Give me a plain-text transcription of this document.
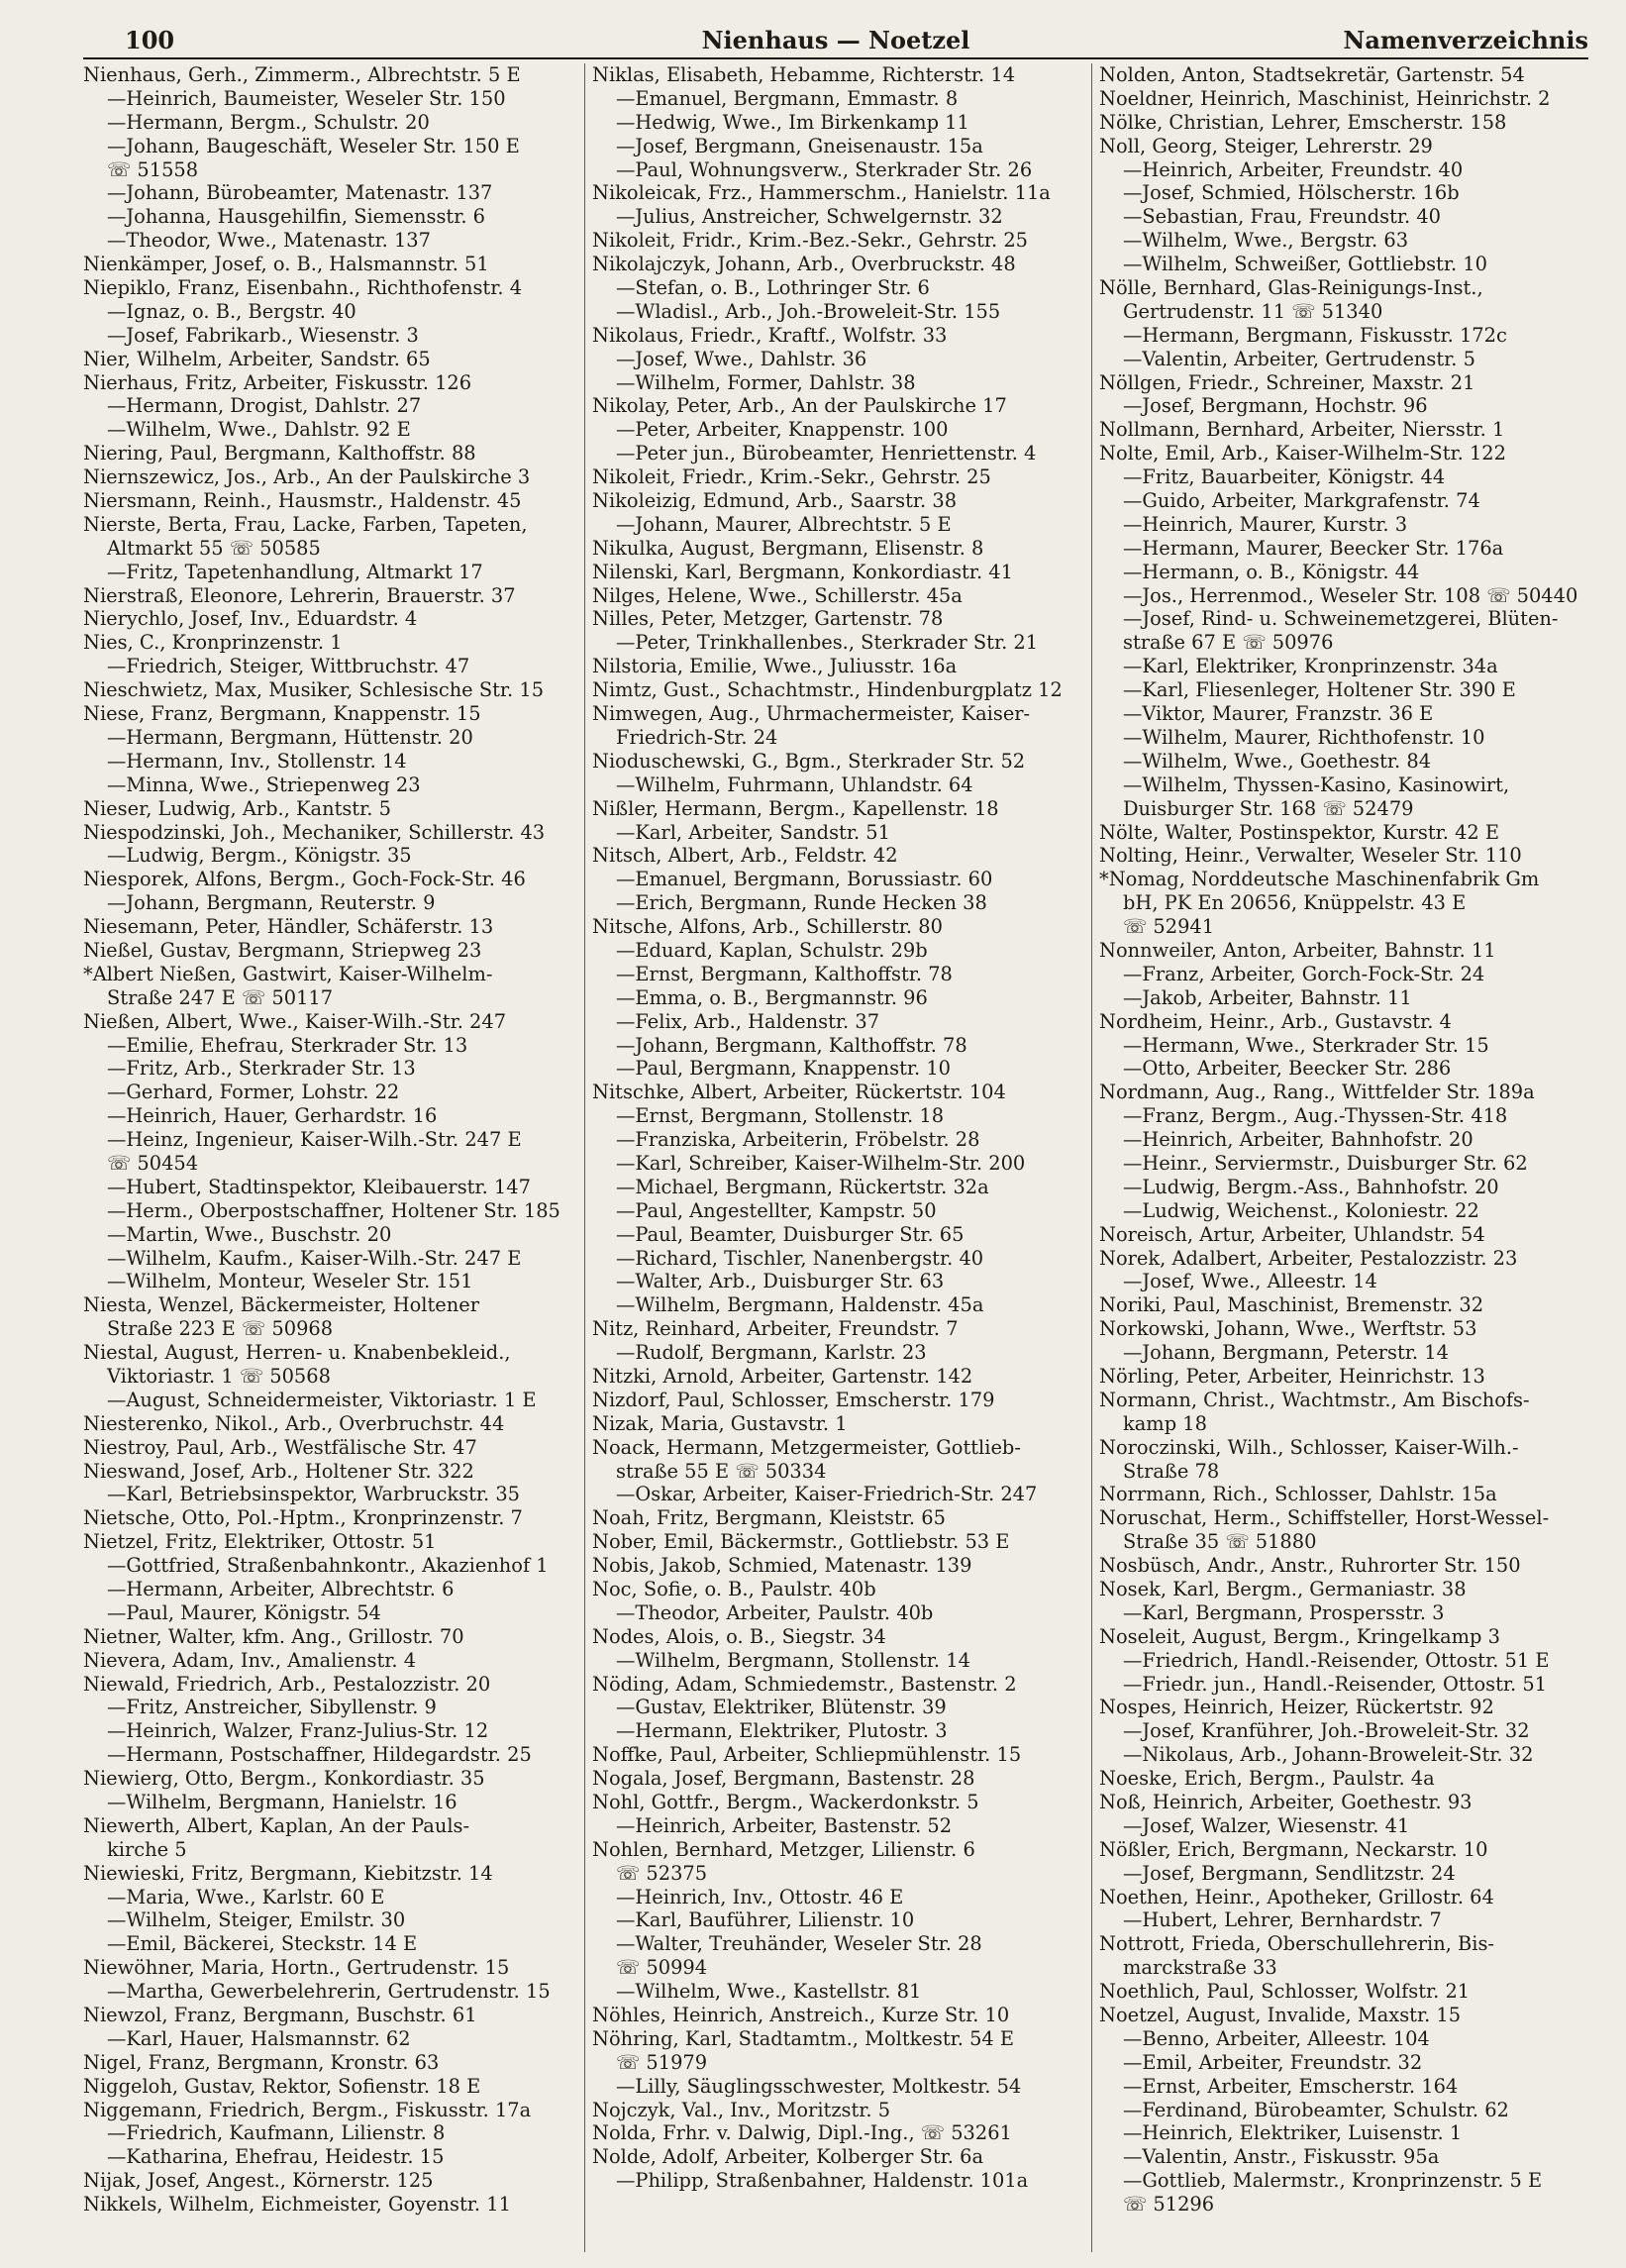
100	Nienhaus — Noetzel	Namenverzeichnis
Nienhaus, Gerh., Zimmerm., Albrechtstr. 5 E
—Heinrich, Baumeister, Weseler Str. 150
—Hermann, Bergm., Schulstr. 20
—Johann, Baugeschäft, Weseler Str. 150 E
☏ 51558
—Johann, Bürobeamter, Matenastr. 137
—Johanna, Hausgehilfin, Siemensstr. 6
—Theodor, Wwe., Matenastr. 137
Nienkämper, Josef, o. B., Halsmannstr. 51
Niepiklo, Franz, Eisenbahn., Richthofenstr. 4
—Ignaz, o. B., Bergstr. 40
—Josef, Fabrikarb., Wiesenstr. 3
Nier, Wilhelm, Arbeiter, Sandstr. 65
Nierhaus, Fritz, Arbeiter, Fiskusstr. 126
—Hermann, Drogist, Dahlstr. 27
—Wilhelm, Wwe., Dahlstr. 92 E
Niering, Paul, Bergmann, Kalthoffstr. 88
Niernszewicz, Jos., Arb., An der Paulskirche 3
Niersmann, Reinh., Hausmstr., Haldenstr. 45
Nierste, Berta, Frau, Lacke, Farben, Tapeten,
Altmarkt 55 ☏ 50585
—Fritz, Tapetenhandlung, Altmarkt 17
Nierstraß, Eleonore, Lehrerin, Brauerstr. 37
Nierychlo, Josef, Inv., Eduardstr. 4
Nies, C., Kronprinzenstr. 1
—Friedrich, Steiger, Wittbruchstr. 47
Nieschwietz, Max, Musiker, Schlesische Str. 15
Niese, Franz, Bergmann, Knappenstr. 15
—Hermann, Bergmann, Hüttenstr. 20
—Hermann, Inv., Stollenstr. 14
—Minna, Wwe., Striepenweg 23
Nieser, Ludwig, Arb., Kantstr. 5
Niespodzinski, Joh., Mechaniker, Schillerstr. 43
—Ludwig, Bergm., Königstr. 35
Niesporek, Alfons, Bergm., Goch-Fock-Str. 46
—Johann, Bergmann, Reuterstr. 9
Niesemann, Peter, Händler, Schäferstr. 13
Nießel, Gustav, Bergmann, Striepweg 23
*Albert Nießen, Gastwirt, Kaiser-Wilhelm-
Straße 247 E ☏ 50117
Nießen, Albert, Wwe., Kaiser-Wilh.-Str. 247
—Emilie, Ehefrau, Sterkrader Str. 13
—Fritz, Arb., Sterkrader Str. 13
—Gerhard, Former, Lohstr. 22
—Heinrich, Hauer, Gerhardstr. 16
—Heinz, Ingenieur, Kaiser-Wilh.-Str. 247 E
☏ 50454
—Hubert, Stadtinspektor, Kleibauerstr. 147
—Herm., Oberpostschaffner, Holtener Str. 185
—Martin, Wwe., Buschstr. 20
—Wilhelm, Kaufm., Kaiser-Wilh.-Str. 247 E
—Wilhelm, Monteur, Weseler Str. 151
Niesta, Wenzel, Bäckermeister, Holtener
Straße 223 E ☏ 50968
Niestal, August, Herren- u. Knabenbekleid.,
Viktoriastr. 1 ☏ 50568
—August, Schneidermeister, Viktoriastr. 1 E
Niesterenko, Nikol., Arb., Overbruchstr. 44
Niestroy, Paul, Arb., Westfälische Str. 47
Nieswand, Josef, Arb., Holtener Str. 322
—Karl, Betriebsinspektor, Warbruckstr. 35
Nietsche, Otto, Pol.-Hptm., Kronprinzenstr. 7
Nietzel, Fritz, Elektriker, Ottostr. 51
—Gottfried, Straßenbahnkontr., Akazienhof 1
—Hermann, Arbeiter, Albrechtstr. 6
—Paul, Maurer, Königstr. 54
Nietner, Walter, kfm. Ang., Grillostr. 70
Nievera, Adam, Inv., Amalienstr. 4
Niewald, Friedrich, Arb., Pestalozzistr. 20
—Fritz, Anstreicher, Sibyllenstr. 9
—Heinrich, Walzer, Franz-Julius-Str. 12
—Hermann, Postschaffner, Hildegardstr. 25
Niewierg, Otto, Bergm., Konkordiastr. 35
—Wilhelm, Bergmann, Hanielstr. 16
Niewerth, Albert, Kaplan, An der Pauls-
kirche 5
Niewieski, Fritz, Bergmann, Kiebitzstr. 14
—Maria, Wwe., Karlstr. 60 E
—Wilhelm, Steiger, Emilstr. 30
—Emil, Bäckerei, Steckstr. 14 E
Niewöhner, Maria, Hortn., Gertrudenstr. 15
—Martha, Gewerbelehrerin, Gertrudenstr. 15
Niewzol, Franz, Bergmann, Buschstr. 61
—Karl, Hauer, Halsmannstr. 62
Nigel, Franz, Bergmann, Kronstr. 63
Niggeloh, Gustav, Rektor, Sofienstr. 18 E
Niggemann, Friedrich, Bergm., Fiskusstr. 17a
—Friedrich, Kaufmann, Lilienstr. 8
—Katharina, Ehefrau, Heidestr. 15
Nijak, Josef, Angest., Körnerstr. 125
Nikkels, Wilhelm, Eichmeister, Goyenstr. 11
Niklas, Elisabeth, Hebamme, Richterstr. 14
—Emanuel, Bergmann, Emmastr. 8
—Hedwig, Wwe., Im Birkenkamp 11
—Josef, Bergmann, Gneisenaustr. 15a
—Paul, Wohnungsverw., Sterkrader Str. 26
Nikoleicak, Frz., Hammerschm., Hanielstr. 11a
—Julius, Anstreicher, Schwelgernstr. 32
Nikoleit, Fridr., Krim.-Bez.-Sekr., Gehrstr. 25
Nikolajczyk, Johann, Arb., Overbruckstr. 48
—Stefan, o. B., Lothringer Str. 6
—Wladisl., Arb., Joh.-Broweleit-Str. 155
Nikolaus, Friedr., Kraftf., Wolfstr. 33
—Josef, Wwe., Dahlstr. 36
—Wilhelm, Former, Dahlstr. 38
Nikolay, Peter, Arb., An der Paulskirche 17
—Peter, Arbeiter, Knappenstr. 100
—Peter jun., Bürobeamter, Henriettenstr. 4
Nikoleit, Friedr., Krim.-Sekr., Gehrstr. 25
Nikoleizig, Edmund, Arb., Saarstr. 38
—Johann, Maurer, Albrechtstr. 5 E
Nikulka, August, Bergmann, Elisenstr. 8
Nilenski, Karl, Bergmann, Konkordiastr. 41
Nilges, Helene, Wwe., Schillerstr. 45a
Nilles, Peter, Metzger, Gartenstr. 78
—Peter, Trinkhallenbes., Sterkrader Str. 21
Nilstoria, Emilie, Wwe., Juliusstr. 16a
Nimtz, Gust., Schachtmstr., Hindenburgplatz 12
Nimwegen, Aug., Uhrmachermeister, Kaiser-
Friedrich-Str. 24
Nioduschewski, G., Bgm., Sterkrader Str. 52
—Wilhelm, Fuhrmann, Uhlandstr. 64
Nißler, Hermann, Bergm., Kapellenstr. 18
—Karl, Arbeiter, Sandstr. 51
Nitsch, Albert, Arb., Feldstr. 42
—Emanuel, Bergmann, Borussiastr. 60
—Erich, Bergmann, Runde Hecken 38
Nitsche, Alfons, Arb., Schillerstr. 80
—Eduard, Kaplan, Schulstr. 29b
—Ernst, Bergmann, Kalthoffstr. 78
—Emma, o. B., Bergmannstr. 96
—Felix, Arb., Haldenstr. 37
—Johann, Bergmann, Kalthoffstr. 78
—Paul, Bergmann, Knappenstr. 10
Nitschke, Albert, Arbeiter, Rückertstr. 104
—Ernst, Bergmann, Stollenstr. 18
—Franziska, Arbeiterin, Fröbelstr. 28
—Karl, Schreiber, Kaiser-Wilhelm-Str. 200
—Michael, Bergmann, Rückertstr. 32a
—Paul, Angestellter, Kampstr. 50
—Paul, Beamter, Duisburger Str. 65
—Richard, Tischler, Nanenbergstr. 40
—Walter, Arb., Duisburger Str. 63
—Wilhelm, Bergmann, Haldenstr. 45a
Nitz, Reinhard, Arbeiter, Freundstr. 7
—Rudolf, Bergmann, Karlstr. 23
Nitzki, Arnold, Arbeiter, Gartenstr. 142
Nizdorf, Paul, Schlosser, Emscherstr. 179
Nizak, Maria, Gustavstr. 1
Noack, Hermann, Metzgermeister, Gottlieb-
straße 55 E ☏ 50334
—Oskar, Arbeiter, Kaiser-Friedrich-Str. 247
Noah, Fritz, Bergmann, Kleiststr. 65
Nober, Emil, Bäckermstr., Gottliebstr. 53 E
Nobis, Jakob, Schmied, Matenastr. 139
Noc, Sofie, o. B., Paulstr. 40b
—Theodor, Arbeiter, Paulstr. 40b
Nodes, Alois, o. B., Siegstr. 34
—Wilhelm, Bergmann, Stollenstr. 14
Nöding, Adam, Schmiedemstr., Bastenstr. 2
—Gustav, Elektriker, Blütenstr. 39
—Hermann, Elektriker, Plutostr. 3
Noffke, Paul, Arbeiter, Schliepmühlenstr. 15
Nogala, Josef, Bergmann, Bastenstr. 28
Nohl, Gottfr., Bergm., Wackerdonkstr. 5
—Heinrich, Arbeiter, Bastenstr. 52
Nohlen, Bernhard, Metzger, Lilienstr. 6
☏ 52375
—Heinrich, Inv., Ottostr. 46 E
—Karl, Bauführer, Lilienstr. 10
—Walter, Treuhänder, Weseler Str. 28
☏ 50994
—Wilhelm, Wwe., Kastellstr. 81
Nöhles, Heinrich, Anstreich., Kurze Str. 10
Nöhring, Karl, Stadtamtm., Moltkestr. 54 E
☏ 51979
—Lilly, Säuglingsschwester, Moltkestr. 54
Nojczyk, Val., Inv., Moritzstr. 5
Nolda, Frhr. v. Dalwig, Dipl.-Ing., ☏ 53261
Nolde, Adolf, Arbeiter, Kolberger Str. 6a
—Philipp, Straßenbahner, Haldenstr. 101a
Nolden, Anton, Stadtsekretär, Gartenstr. 54
Noeldner, Heinrich, Maschinist, Heinrichstr. 2
Nölke, Christian, Lehrer, Emscherstr. 158
Noll, Georg, Steiger, Lehrerstr. 29
—Heinrich, Arbeiter, Freundstr. 40
—Josef, Schmied, Hölscherstr. 16b
—Sebastian, Frau, Freundstr. 40
—Wilhelm, Wwe., Bergstr. 63
—Wilhelm, Schweißer, Gottliebstr. 10
Nölle, Bernhard, Glas-Reinigungs-Inst.,
Gertrudenstr. 11 ☏ 51340
—Hermann, Bergmann, Fiskusstr. 172c
—Valentin, Arbeiter, Gertrudenstr. 5
Nöllgen, Friedr., Schreiner, Maxstr. 21
—Josef, Bergmann, Hochstr. 96
Nollmann, Bernhard, Arbeiter, Niersstr. 1
Nolte, Emil, Arb., Kaiser-Wilhelm-Str. 122
—Fritz, Bauarbeiter, Königstr. 44
—Guido, Arbeiter, Markgrafenstr. 74
—Heinrich, Maurer, Kurstr. 3
—Hermann, Maurer, Beecker Str. 176a
—Hermann, o. B., Königstr. 44
—Jos., Herrenmod., Weseler Str. 108 ☏ 50440
—Josef, Rind- u. Schweinemetzgerei, Blüten-
straße 67 E ☏ 50976
—Karl, Elektriker, Kronprinzenstr. 34a
—Karl, Fliesenleger, Holtener Str. 390 E
—Viktor, Maurer, Franzstr. 36 E
—Wilhelm, Maurer, Richthofenstr. 10
—Wilhelm, Wwe., Goethestr. 84
—Wilhelm, Thyssen-Kasino, Kasinowirt,
Duisburger Str. 168 ☏ 52479
Nölte, Walter, Postinspektor, Kurstr. 42 E
Nolting, Heinr., Verwalter, Weseler Str. 110
*Nomag, Norddeutsche Maschinenfabrik Gm
bH, PK En 20656, Knüppelstr. 43 E
☏ 52941
Nonnweiler, Anton, Arbeiter, Bahnstr. 11
—Franz, Arbeiter, Gorch-Fock-Str. 24
—Jakob, Arbeiter, Bahnstr. 11
Nordheim, Heinr., Arb., Gustavstr. 4
—Hermann, Wwe., Sterkrader Str. 15
—Otto, Arbeiter, Beecker Str. 286
Nordmann, Aug., Rang., Wittfelder Str. 189a
—Franz, Bergm., Aug.-Thyssen-Str. 418
—Heinrich, Arbeiter, Bahnhofstr. 20
—Heinr., Serviermstr., Duisburger Str. 62
—Ludwig, Bergm.-Ass., Bahnhofstr. 20
—Ludwig, Weichenst., Koloniestr. 22
Noreisch, Artur, Arbeiter, Uhlandstr. 54
Norek, Adalbert, Arbeiter, Pestalozzistr. 23
—Josef, Wwe., Alleestr. 14
Noriki, Paul, Maschinist, Bremenstr. 32
Norkowski, Johann, Wwe., Werftstr. 53
—Johann, Bergmann, Peterstr. 14
Nörling, Peter, Arbeiter, Heinrichstr. 13
Normann, Christ., Wachtmstr., Am Bischofs-
kamp 18
Noroczinski, Wilh., Schlosser, Kaiser-Wilh.-
Straße 78
Norrmann, Rich., Schlosser, Dahlstr. 15a
Noruschat, Herm., Schiffsteller, Horst-Wessel-
Straße 35 ☏ 51880
Nosbüsch, Andr., Anstr., Ruhrorter Str. 150
Nosek, Karl, Bergm., Germaniastr. 38
—Karl, Bergmann, Prospersstr. 3
Noseleit, August, Bergm., Kringelkamp 3
—Friedrich, Handl.-Reisender, Ottostr. 51 E
—Friedr. jun., Handl.-Reisender, Ottostr. 51
Nospes, Heinrich, Heizer, Rückertstr. 92
—Josef, Kranführer, Joh.-Broweleit-Str. 32
—Nikolaus, Arb., Johann-Broweleit-Str. 32
Noeske, Erich, Bergm., Paulstr. 4a
Noß, Heinrich, Arbeiter, Goethestr. 93
—Josef, Walzer, Wiesenstr. 41
Nößler, Erich, Bergmann, Neckarstr. 10
—Josef, Bergmann, Sendlitzstr. 24
Noethen, Heinr., Apotheker, Grillostr. 64
—Hubert, Lehrer, Bernhardstr. 7
Nottrott, Frieda, Oberschullehrerin, Bis-
marckstraße 33
Noethlich, Paul, Schlosser, Wolfstr. 21
Noetzel, August, Invalide, Maxstr. 15
—Benno, Arbeiter, Alleestr. 104
—Emil, Arbeiter, Freundstr. 32
—Ernst, Arbeiter, Emscherstr. 164
—Ferdinand, Bürobeamter, Schulstr. 62
—Heinrich, Elektriker, Luisenstr. 1
—Valentin, Anstr., Fiskusstr. 95a
—Gottlieb, Malermstr., Kronprinzenstr. 5 E
☏ 51296
